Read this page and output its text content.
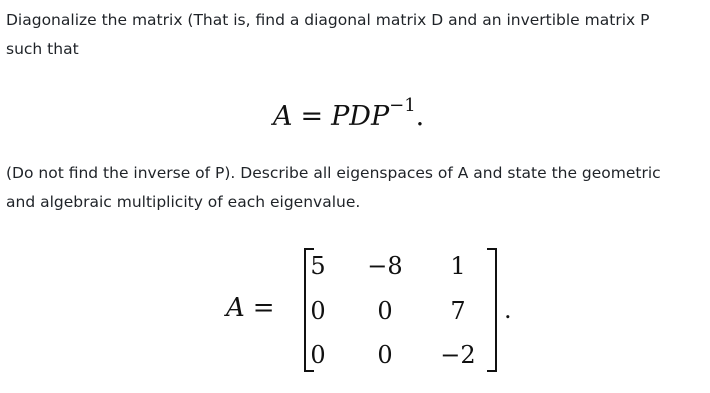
Diagonalize the matrix (That is, find a diagonal matrix D and an invertible matrix P
such that
$A = PDP^{-1}$.
(Do not find the inverse of P). Describe all eigenspaces of A and state the geometric
and algebraic multiplicity of each eigenvalue.
A =
5	−8	1
0	0	7
0	0	−2
.
